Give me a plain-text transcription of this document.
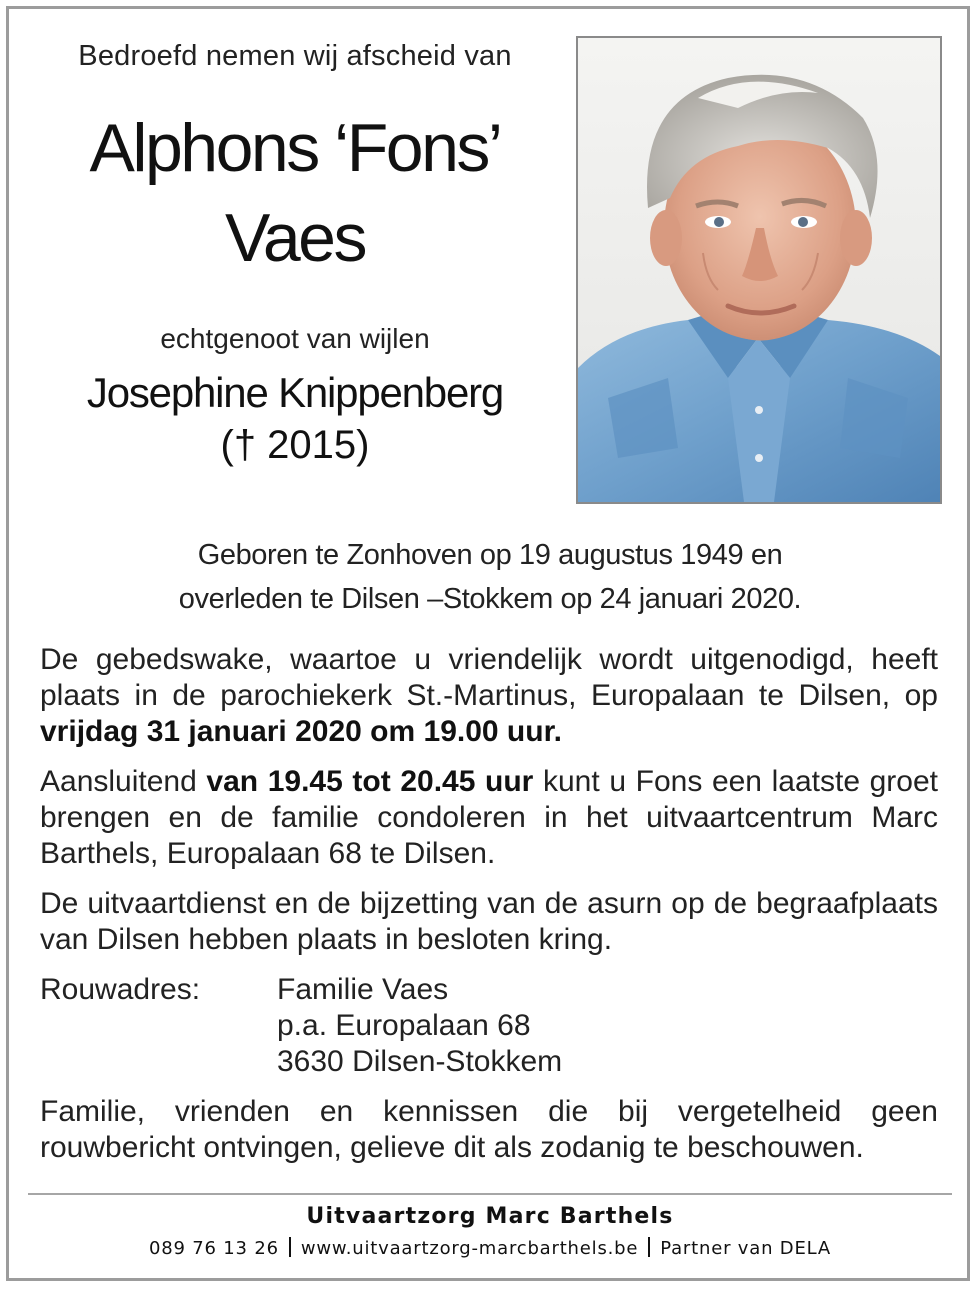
Bedroefd nemen wij afscheid van
Alphons ‘Fons’
Vaes
echtgenoot van wijlen
Josephine Knippenberg
(† 2015)
Geboren te Zonhoven op 19 augustus 1949 en
overleden te Dilsen –Stokkem op 24 januari 2020.

De gebedswake, waartoe u vriendelijk wordt uitgenodigd, heeft plaats in de parochiekerk St.-Martinus, Europalaan te Dilsen, op vrijdag 31 januari 2020 om 19.00 uur.

Aansluitend van 19.45 tot 20.45 uur kunt u Fons een laatste groet brengen en de familie condoleren in het uitvaartcentrum Marc Barthels, Europalaan 68 te Dilsen.

De uitvaartdienst en de bijzetting van de asurn op de begraafplaats van Dilsen hebben plaats in besloten kring.

Rouwadres:	Familie Vaes
p.a. Europalaan 68
3630 Dilsen-Stokkem

Familie, vrienden en kennissen die bij vergetelheid geen rouwbericht ontvingen, gelieve dit als zodanig te beschouwen.

Uitvaartzorg Marc Barthels
089 76 13 26 www.uitvaartzorg-marcbarthels.be Partner van DELA
